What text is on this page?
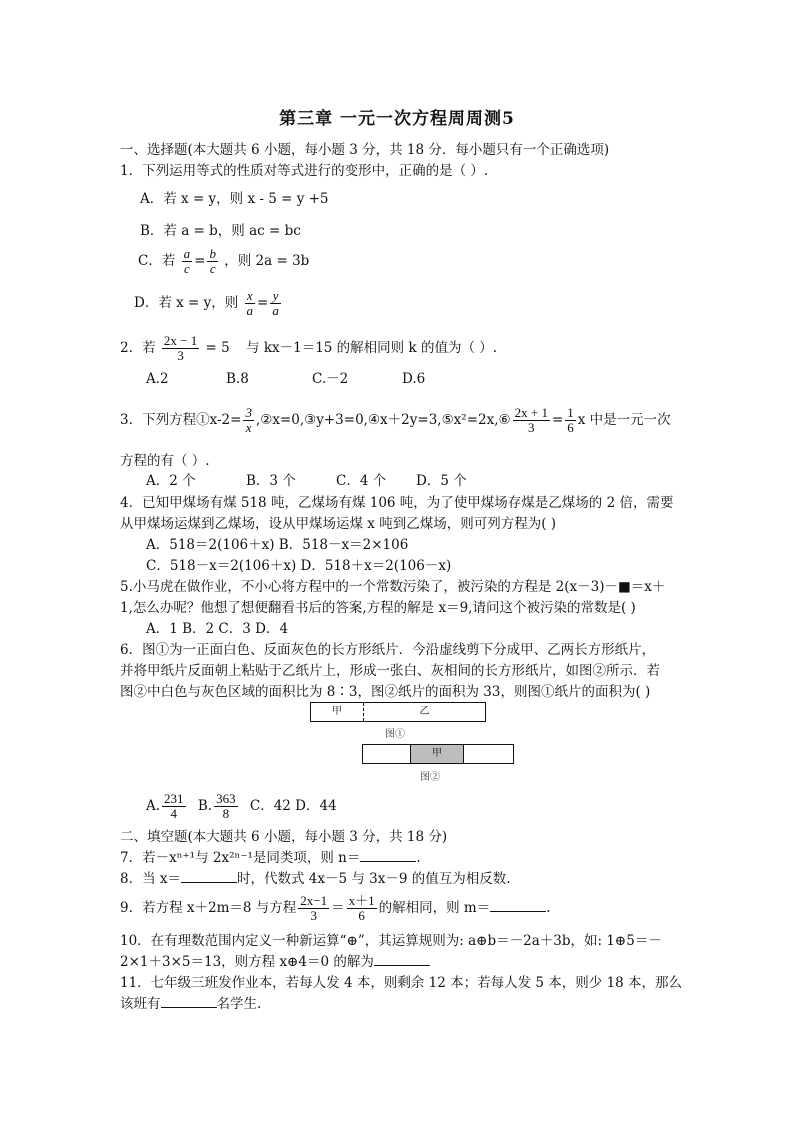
第三章 一元一次方程周周测5
一、选择题(本大题共 6 小题，每小题 3 分，共 18 分．每小题只有一个正确选项)
1．下列运用等式的性质对等式进行的变形中，正确的是（ ）.
A．若 x = y，则 x - 5 = y +5
B．若 a = b，则 ac = bc
C．若 $\frac{a}{c} = \frac{b}{c}$ ，则 2a = 3b
D．若 x = y，则 $\frac{x}{a} = \frac{y}{a}$
2．若 $\frac{2x - 1}{3} = 5$ 与 kx－1＝15 的解相同则 k 的值为（ ）.
A.2	B.8	C.－2	D.6
3．下列方程①x-2= $\frac{3}{x}$ ,②x=0,③y+3=0,④x＋2y=3,⑤x²=2x,⑥ $\frac{2x + 1}{3} = \frac{1}{6}$ x 中是一元一次
方程的有（ ）.
A．2 个	B．3 个	C．4 个 D．5 个
4．已知甲煤场有煤 518 吨，乙煤场有煤 106 吨，为了使甲煤场存煤是乙煤场的 2 倍，需要
从甲煤场运煤到乙煤场，设从甲煤场运煤 x 吨到乙煤场，则可列方程为( )
A．518＝2(106＋x) B．518－x＝2×106
C．518－x＝2(106＋x) D．518＋x＝2(106－x)
5.小马虎在做作业，不小心将方程中的一个常数污染了，被污染的方程是 2(x－3)－■＝x＋
1,怎么办呢？他想了想便翻看书后的答案,方程的解是 x＝9,请问这个被污染的常数是( )
A．1 B．2 C．3 D．4
6．图①为一正面白色、反面灰色的长方形纸片．今沿虚线剪下分成甲、乙两长方形纸片，
并将甲纸片反面朝上粘贴于乙纸片上，形成一张白、灰相间的长方形纸片，如图②所示．若
图②中白色与灰色区域的面积比为 8∶3，图②纸片的面积为 33，则图①纸片的面积为( )
甲	乙
图①
甲
图②
A. $\frac{231}{4} B$. $\frac{363}{8}$ C．42 D．44
二、填空题(本大题共 6 小题，每小题 3 分，共 18 分)
7．若－xⁿ⁺¹与 2x²ⁿ⁻¹是同类项，则 n＝	.
8．当 x＝	时，代数式 4x－5 与 3x－9 的值互为相反数.
9．若方程 x＋2m＝8 与方程 $\frac{2x-1}{3} = \frac{x+1}{6}$ 的解相同，则 m＝	.
10．在有理数范围内定义一种新运算“⊕”，其运算规则为: a⊕b＝－2a＋3b，如: 1⊕5＝－
2×1＋3×5＝13，则方程 x⊕4＝0 的解为
11．七年级三班发作业本，若每人发 4 本，则剩余 12 本；若每人发 5 本，则少 18 本，那么
该班有	名学生.
